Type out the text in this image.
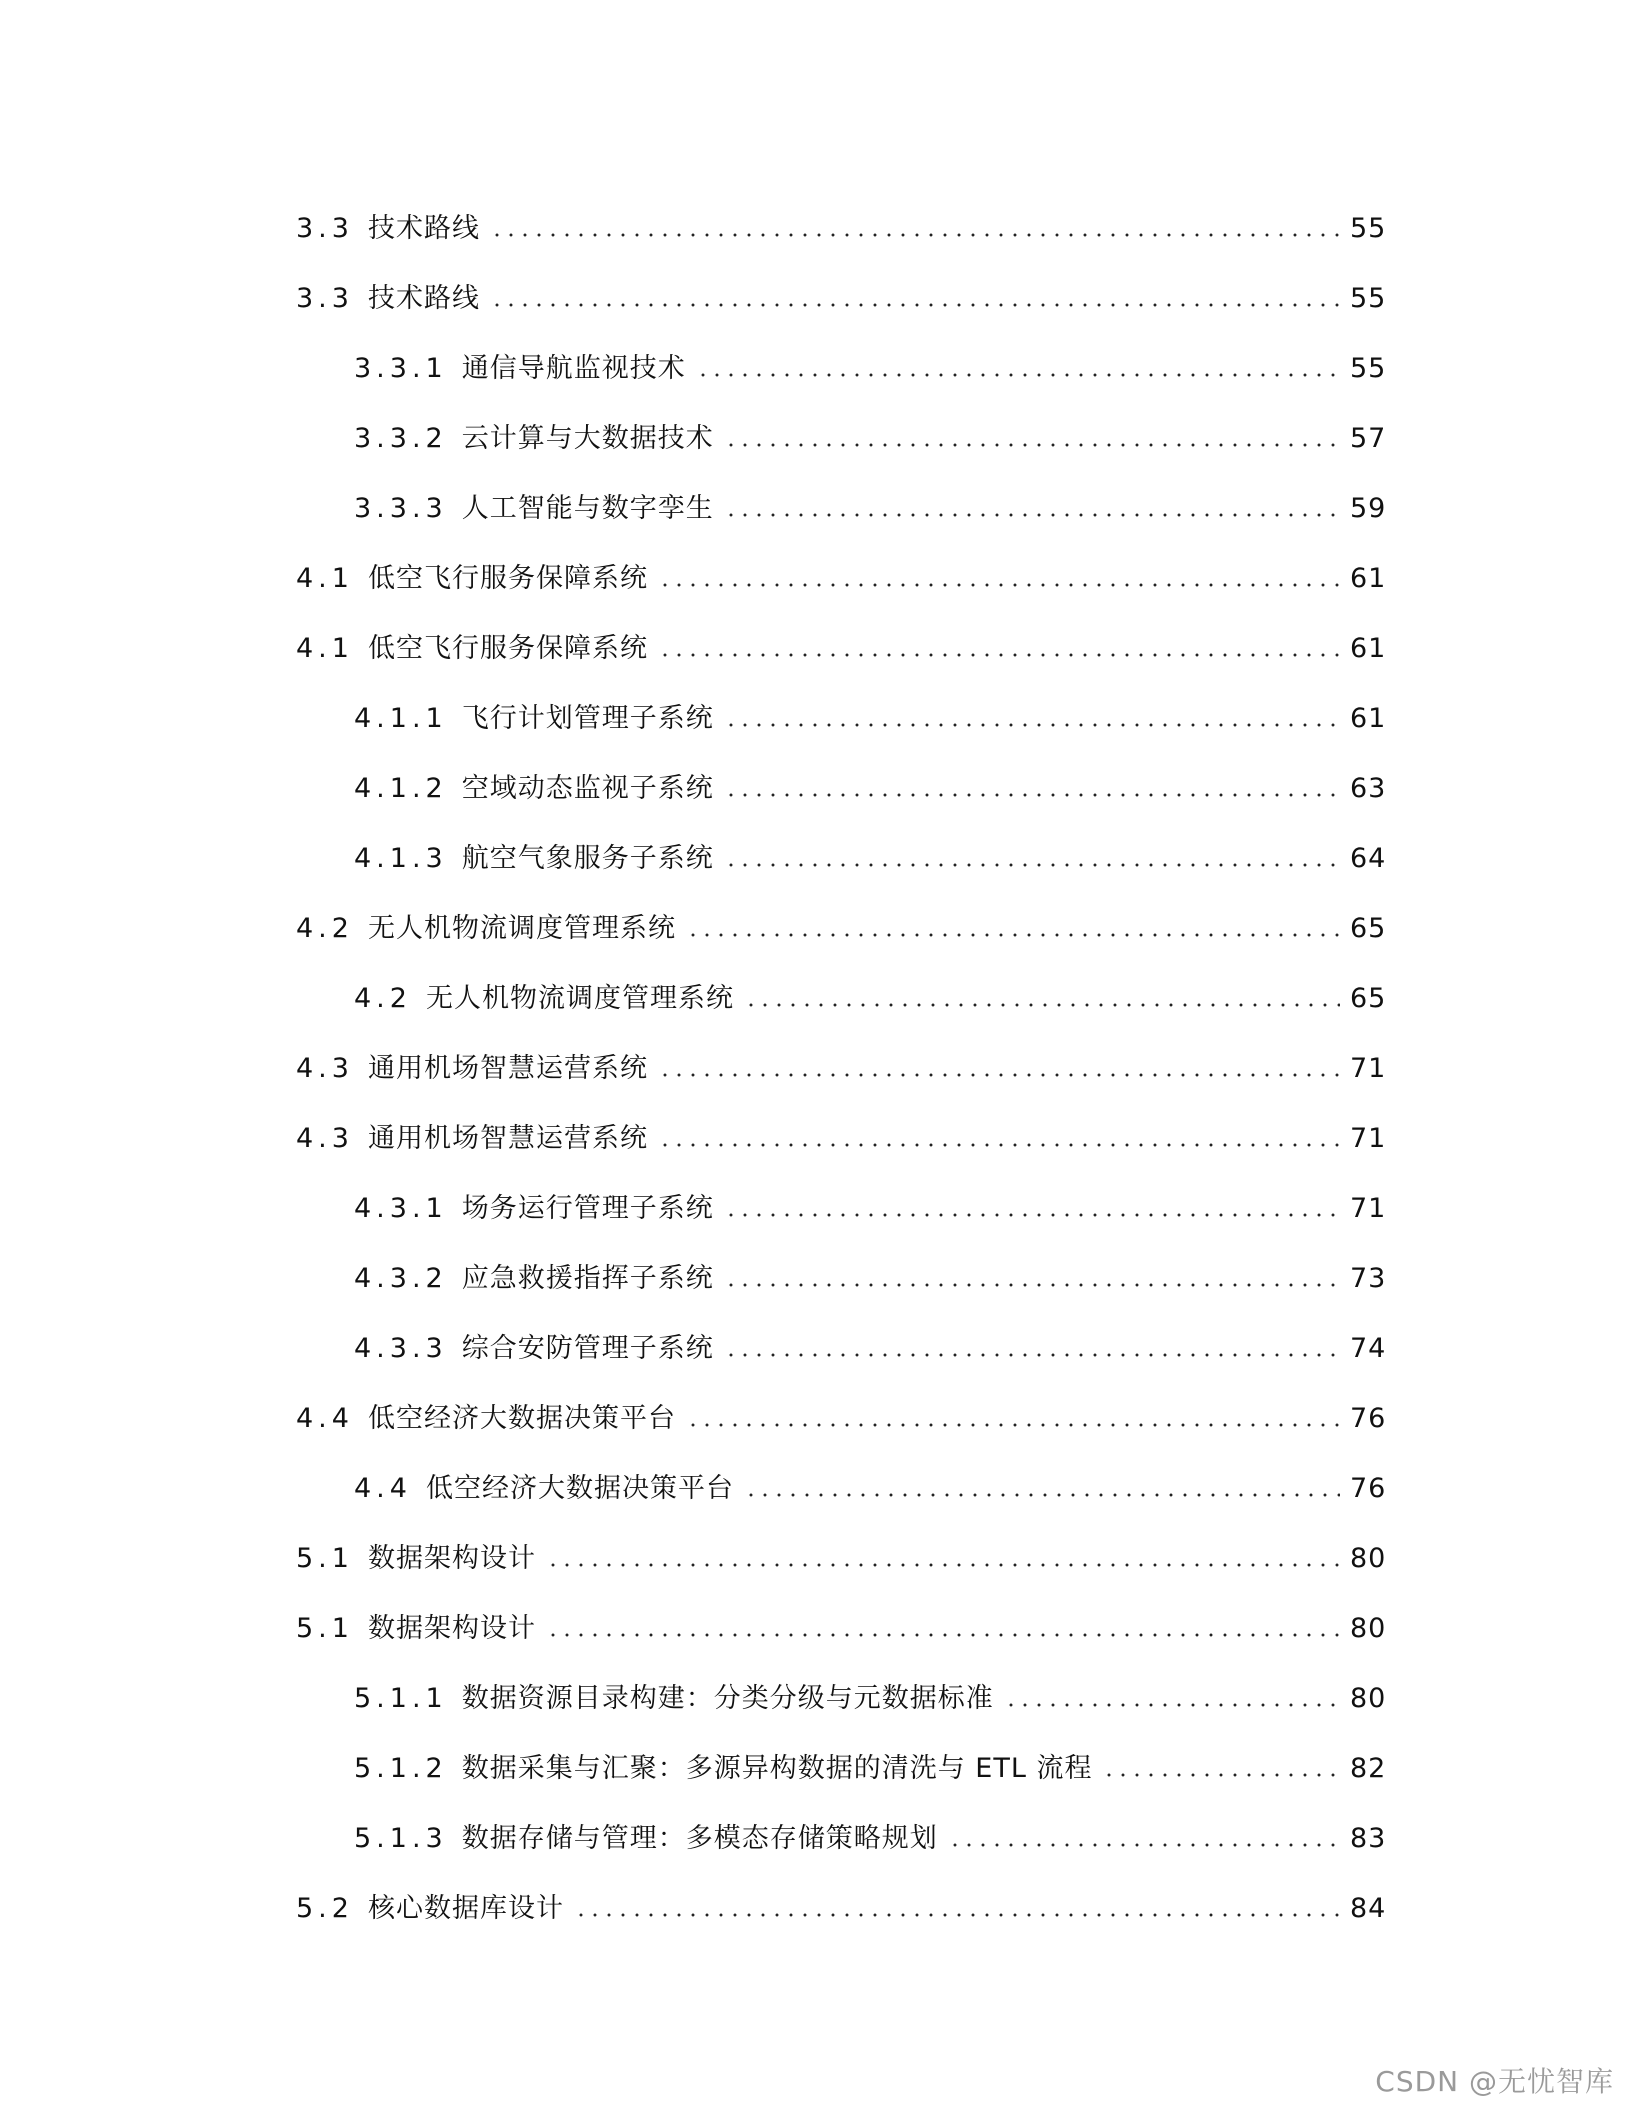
3.3 技术路线	55
3.3 技术路线	55
3.3.1 通信导航监视技术	55
3.3.2 云计算与大数据技术	57
3.3.3 人工智能与数字孪生	59
4.1 低空飞行服务保障系统	61
4.1 低空飞行服务保障系统	61
4.1.1 飞行计划管理子系统	61
4.1.2 空域动态监视子系统	63
4.1.3 航空气象服务子系统	64
4.2 无人机物流调度管理系统	65
4.2 无人机物流调度管理系统	65
4.3 通用机场智慧运营系统	71
4.3 通用机场智慧运营系统	71
4.3.1 场务运行管理子系统	71
4.3.2 应急救援指挥子系统	73
4.3.3 综合安防管理子系统	74
4.4 低空经济大数据决策平台	76
4.4 低空经济大数据决策平台	76
5.1 数据架构设计	80
5.1 数据架构设计	80
5.1.1 数据资源目录构建：分类分级与元数据标准	80
5.1.2 数据采集与汇聚：多源异构数据的清洗与 ETL 流程	82
5.1.3 数据存储与管理：多模态存储策略规划	83
5.2 核心数据库设计	84
CSDN @无忧智库
